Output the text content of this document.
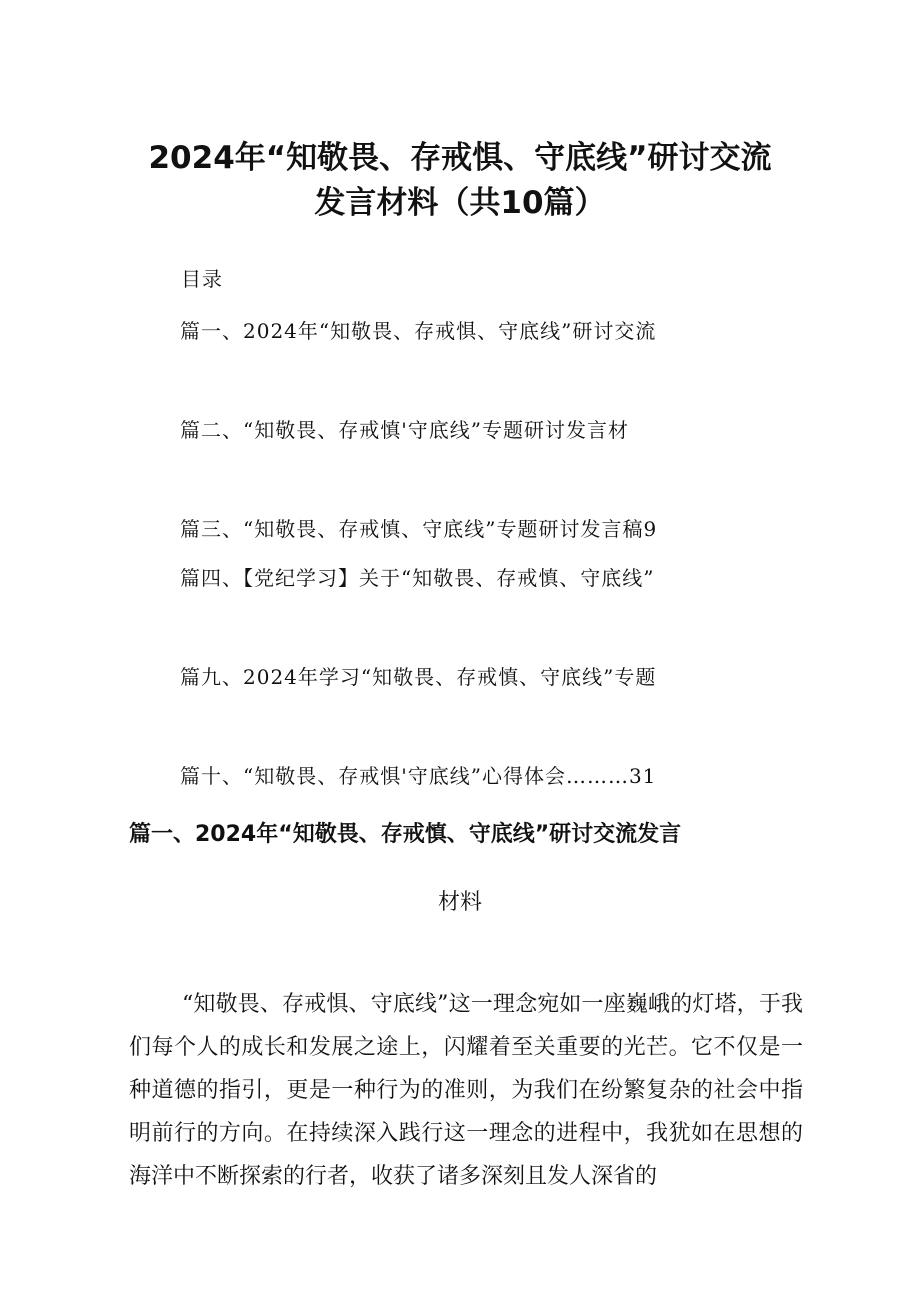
2024年“知敬畏、存戒惧、守底线”研讨交流
发言材料（共10篇）
目录
篇一、2024年“知敬畏、存戒惧、守底线”研讨交流
篇二、“知敬畏、存戒慎'守底线”专题研讨发言材
篇三、“知敬畏、存戒慎、守底线”专题研讨发言稿9
篇四、【党纪学习】关于“知敬畏、存戒慎、守底线”
篇九、2024年学习“知敬畏、存戒慎、守底线”专题
篇十、“知敬畏、存戒惧'守底线”心得体会………31
篇一、2024年“知敬畏、存戒慎、守底线”研讨交流发言
材料

“知敬畏、存戒惧、守底线”这一理念宛如一座巍峨的灯塔，于我们每个人的成长和发展之途上，闪耀着至关重要的光芒。它不仅是一种道德的指引，更是一种行为的准则，为我们在纷繁复杂的社会中指明前行的方向。在持续深入践行这一理念的进程中，我犹如在思想的海洋中不断探索的行者，收获了诸多深刻且发人深省的
